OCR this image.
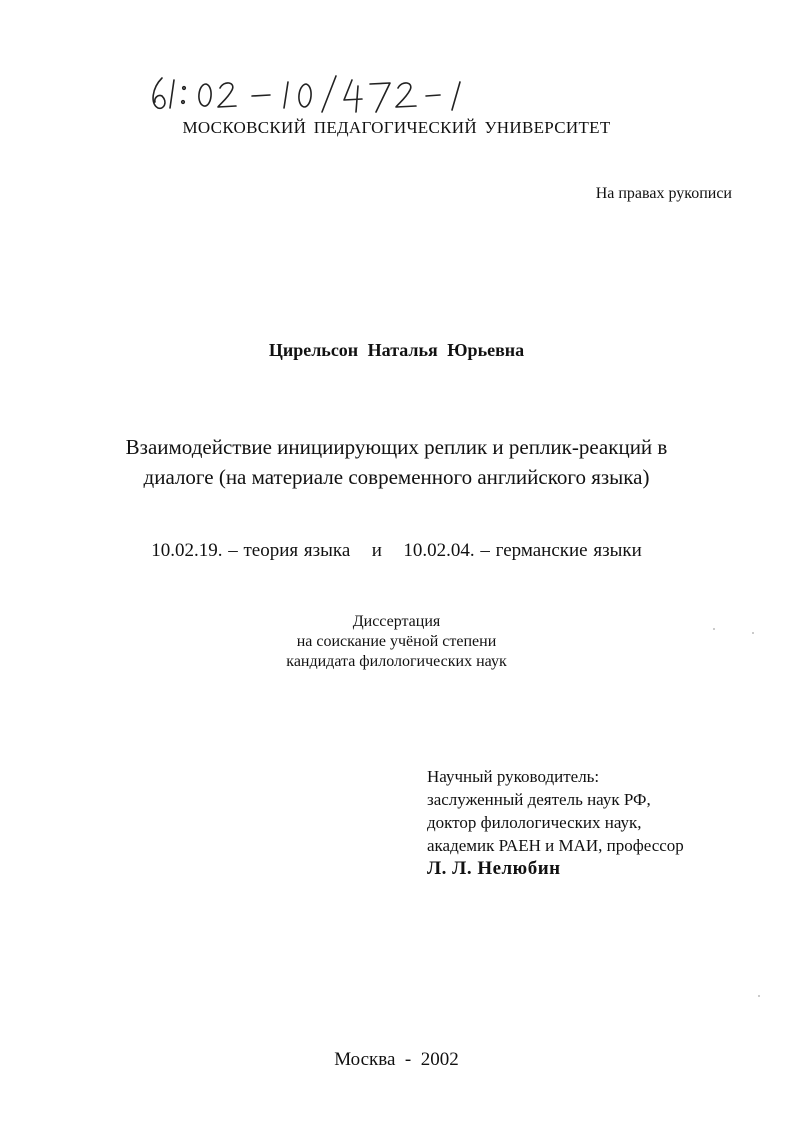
МОСКОВСКИЙ ПЕДАГОГИЧЕСКИЙ УНИВЕРСИТЕТ
На правах рукописи
Цирельсон Наталья Юрьевна
Взаимодействие инициирующих реплик и реплик-реакций в
диалоге (на материале современного английского языка)
10.02.19. – теория языка и 10.02.04. – германские языки
Диссертация
на соискание учёной степени
кандидата филологических наук
Научный руководитель:
заслуженный деятель наук РФ,
доктор филологических наук,
академик РАЕН и МАИ, профессор
Л. Л. Нелюбин
Москва  -  2002
